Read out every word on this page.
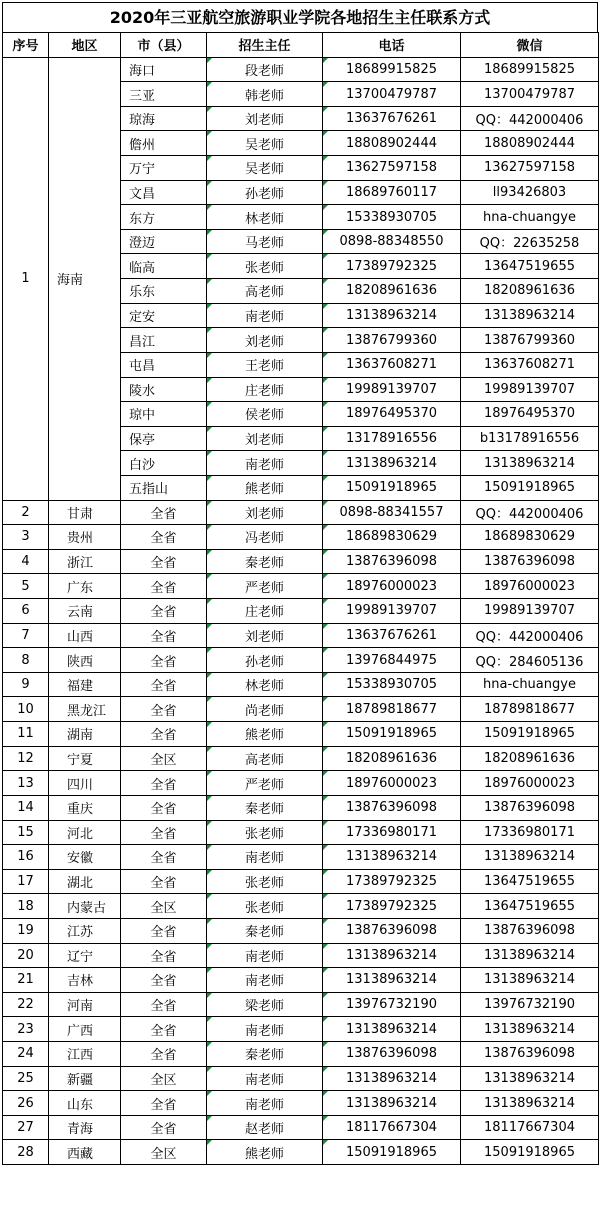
2020年三亚航空旅游职业学院各地招生主任联系方式
序号	地区	市（县）	招生主任	电话	微信
1	海南	海口	段老师	18689915825	18689915825
		三亚	韩老师	13700479787	13700479787
		琼海	刘老师	13637676261	QQ：442000406
		儋州	吴老师	18808902444	18808902444
		万宁	吴老师	13627597158	13627597158
		文昌	孙老师	18689760117	ll93426803
		东方	林老师	15338930705	hna-chuangye
		澄迈	马老师	0898-88348550	QQ：22635258
		临高	张老师	17389792325	13647519655
		乐东	高老师	18208961636	18208961636
		定安	南老师	13138963214	13138963214
		昌江	刘老师	13876799360	13876799360
		屯昌	王老师	13637608271	13637608271
		陵水	庄老师	19989139707	19989139707
		琼中	侯老师	18976495370	18976495370
		保亭	刘老师	13178916556	b13178916556
		白沙	南老师	13138963214	13138963214
		五指山	熊老师	15091918965	15091918965
2	甘肃	全省	刘老师	0898-88341557	QQ：442000406
3	贵州	全省	冯老师	18689830629	18689830629
4	浙江	全省	秦老师	13876396098	13876396098
5	广东	全省	严老师	18976000023	18976000023
6	云南	全省	庄老师	19989139707	19989139707
7	山西	全省	刘老师	13637676261	QQ：442000406
8	陕西	全省	孙老师	13976844975	QQ：284605136
9	福建	全省	林老师	15338930705	hna-chuangye
10	黑龙江	全省	尚老师	18789818677	18789818677
11	湖南	全省	熊老师	15091918965	15091918965
12	宁夏	全区	高老师	18208961636	18208961636
13	四川	全省	严老师	18976000023	18976000023
14	重庆	全省	秦老师	13876396098	13876396098
15	河北	全省	张老师	17336980171	17336980171
16	安徽	全省	南老师	13138963214	13138963214
17	湖北	全省	张老师	17389792325	13647519655
18	内蒙古	全区	张老师	17389792325	13647519655
19	江苏	全省	秦老师	13876396098	13876396098
20	辽宁	全省	南老师	13138963214	13138963214
21	吉林	全省	南老师	13138963214	13138963214
22	河南	全省	梁老师	13976732190	13976732190
23	广西	全省	南老师	13138963214	13138963214
24	江西	全省	秦老师	13876396098	13876396098
25	新疆	全区	南老师	13138963214	13138963214
26	山东	全省	南老师	13138963214	13138963214
27	青海	全省	赵老师	18117667304	18117667304
28	西藏	全区	熊老师	15091918965	15091918965
